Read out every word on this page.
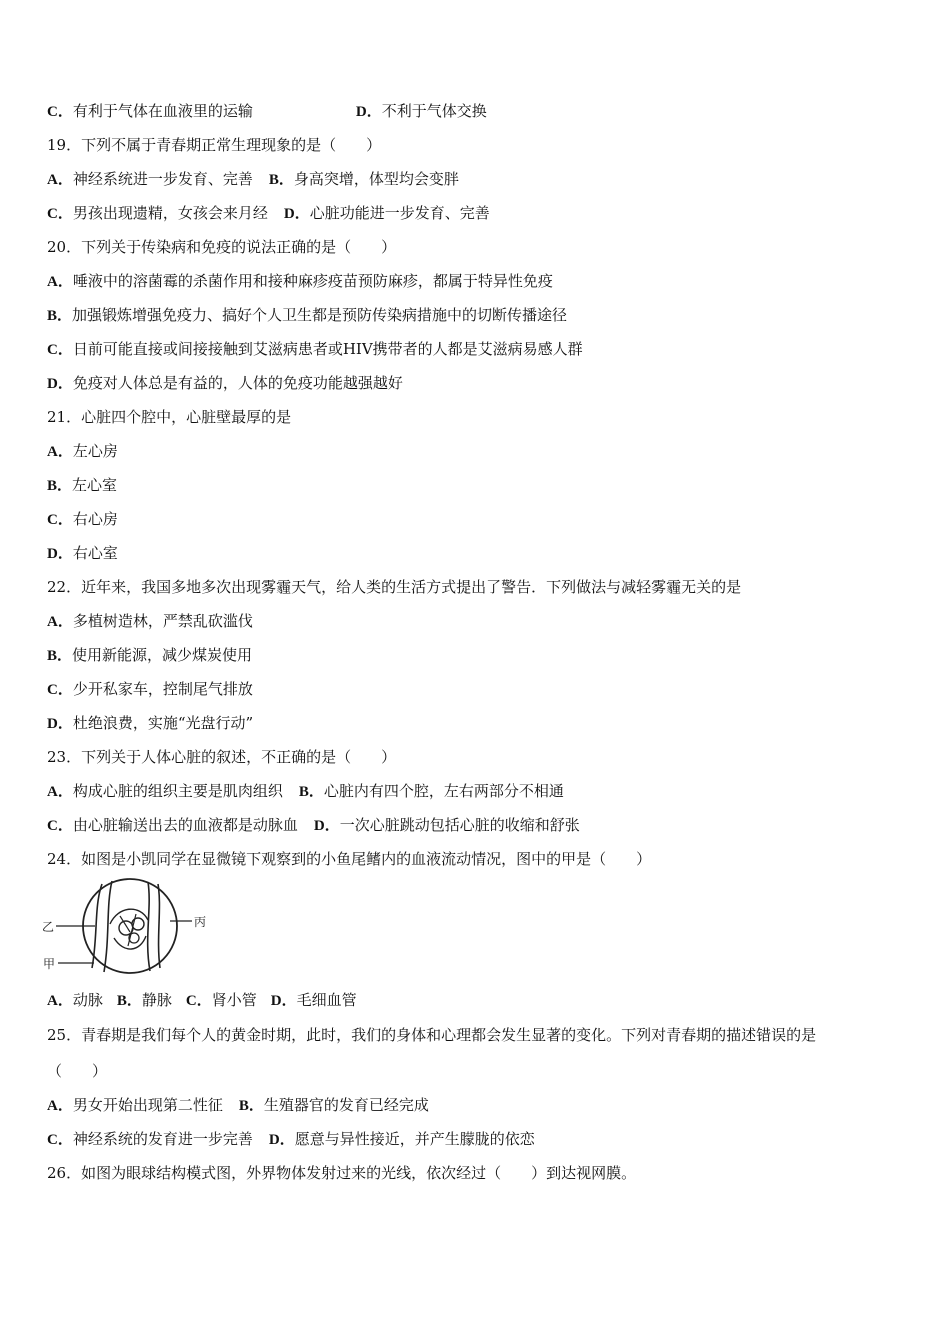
C．有利于气体在血液里的运输	D．不利于气体交换
19．下列不属于青春期正常生理现象的是（　　）
A．神经系统进一步发育、完善 B．身高突增，体型均会变胖
C．男孩出现遗精，女孩会来月经 D．心脏功能进一步发育、完善
20．下列关于传染病和免疫的说法正确的是（　　）
A．唾液中的溶菌霉的杀菌作用和接种麻疹疫苗预防麻疹，都属于特异性免疫
B．加强锻炼增强免疫力、搞好个人卫生都是预防传染病措施中的切断传播途径
C．日前可能直接或间接接触到艾滋病患者或HIV携带者的人都是艾滋病易感人群
D．免疫对人体总是有益的，人体的免疫功能越强越好
21．心脏四个腔中，心脏壁最厚的是
A．左心房
B．左心室
C．右心房
D．右心室
22．近年来，我国多地多次出现雾霾天气，给人类的生活方式提出了警告．下列做法与减轻雾霾无关的是
A．多植树造林，严禁乱砍滥伐
B．使用新能源，减少煤炭使用
C．少开私家车，控制尾气排放
D．杜绝浪费，实施“光盘行动”
23．下列关于人体心脏的叙述，不正确的是（　　）
A．构成心脏的组织主要是肌肉组织 B．心脏内有四个腔，左右两部分不相通
C．由心脏输送出去的血液都是动脉血 D．一次心脏跳动包括心脏的收缩和舒张
24．如图是小凯同学在显微镜下观察到的小鱼尾鳍内的血液流动情况，图中的甲是（　　）
乙	丙
甲
A．动脉 B．静脉 C．肾小管 D．毛细血管
25．青春期是我们每个人的黄金时期，此时，我们的身体和心理都会发生显著的变化。下列对青春期的描述错误的是
（　　）
A．男女开始出现第二性征 B．生殖器官的发育已经完成
C．神经系统的发育进一步完善 D．愿意与异性接近，并产生朦胧的依恋
26．如图为眼球结构模式图，外界物体发射过来的光线，依次经过（　　）到达视网膜。
